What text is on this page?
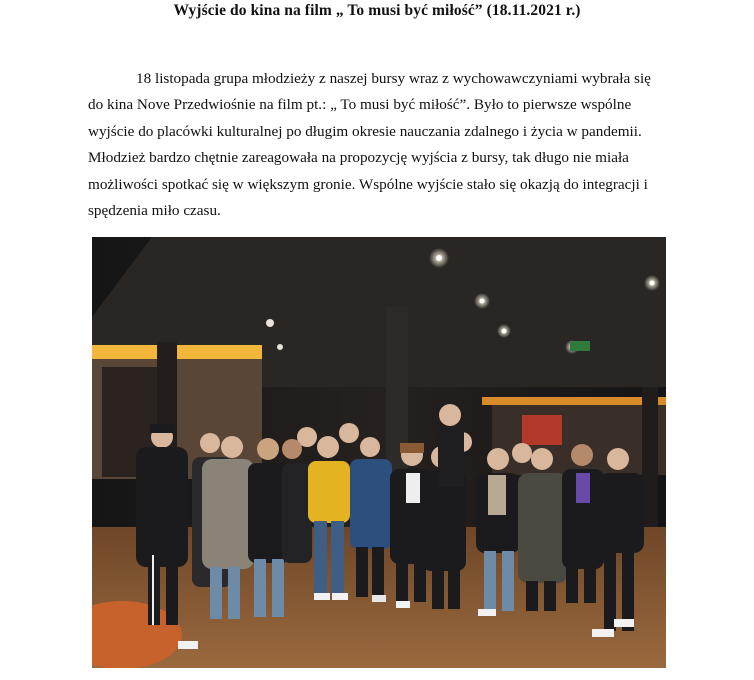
Wyjście do kina na film „ To musi być miłość” (18.11.2021 r.)
18 listopada grupa młodzieży z naszej bursy wraz z wychowawczyniami wybrała się
do kina Nove Przedwiośnie na film pt.: „ To musi być miłość”. Było to pierwsze wspólne
wyjście do placówki kulturalnej po długim okresie nauczania zdalnego i życia w pandemii.
Młodzież bardzo chętnie zareagowała na propozycję wyjścia z bursy, tak długo nie miała
możliwości spotkać się w większym gronie. Wspólne wyjście stało się okazją do integracji i
spędzenia miło czasu.
